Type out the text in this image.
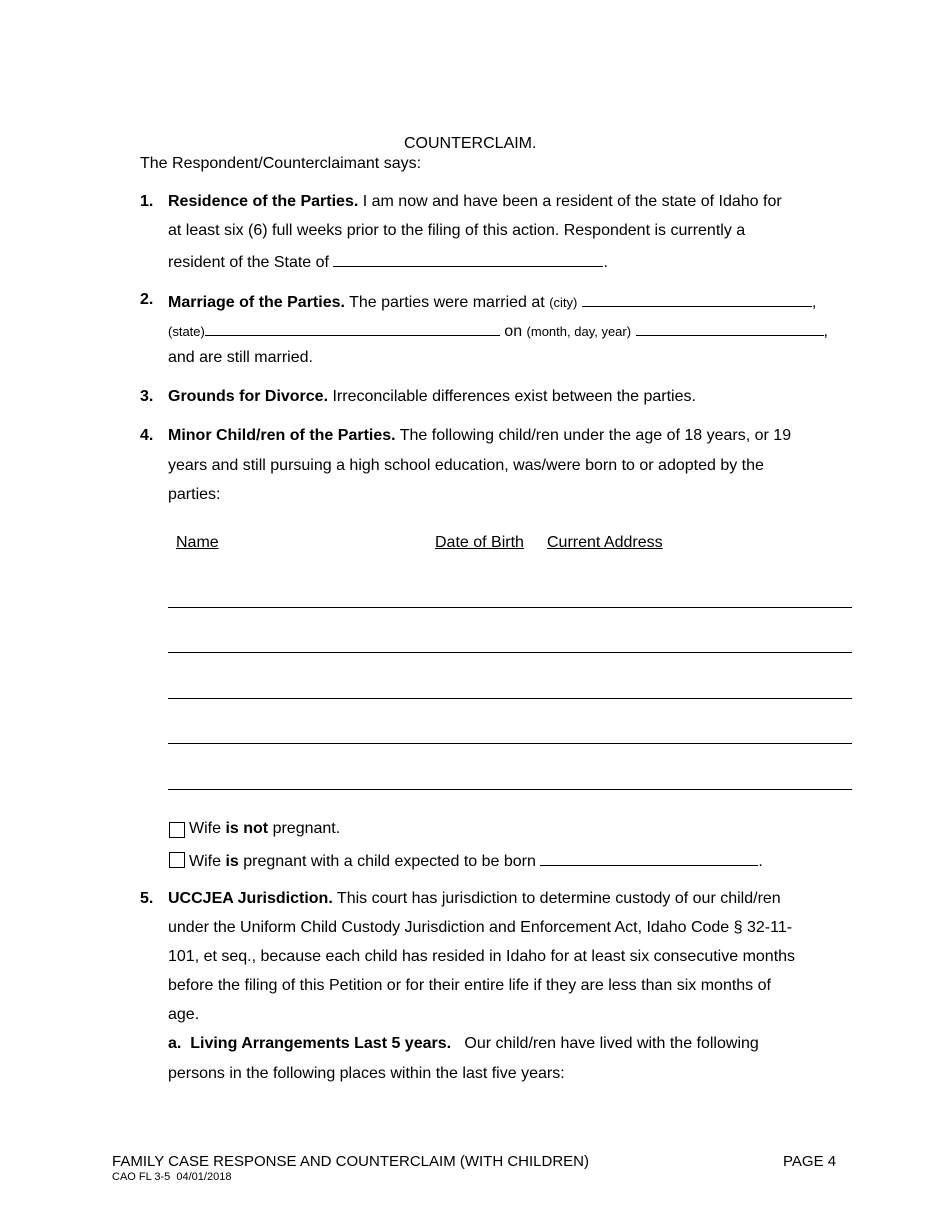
COUNTERCLAIM.
The Respondent/Counterclaimant says:
1. Residence of the Parties. I am now and have been a resident of the state of Idaho for
at least six (6) full weeks prior to the filing of this action. Respondent is currently a
resident of the State of	.
2. Marriage of the Parties. The parties were married at (city)	,
(state)	on (month, day, year)	,
and are still married.
3. Grounds for Divorce. Irreconcilable differences exist between the parties.
4. Minor Child/ren of the Parties. The following child/ren under the age of 18 years, or 19
years and still pursuing a high school education, was/were born to or adopted by the
parties:
Name	Date of Birth Current Address
Wife is not pregnant.
Wife is pregnant with a child expected to be born	.
5. UCCJEA Jurisdiction. This court has jurisdiction to determine custody of our child/ren
under the Uniform Child Custody Jurisdiction and Enforcement Act, Idaho Code § 32-11-
101, et seq., because each child has resided in Idaho for at least six consecutive months
before the filing of this Petition or for their entire life if they are less than six months of
age.
a.  Living Arrangements Last 5 years.   Our child/ren have lived with the following
persons in the following places within the last five years:
FAMILY CASE RESPONSE AND COUNTERCLAIM (WITH CHILDREN)	PAGE 4
CAO FL 3-5  04/01/2018
